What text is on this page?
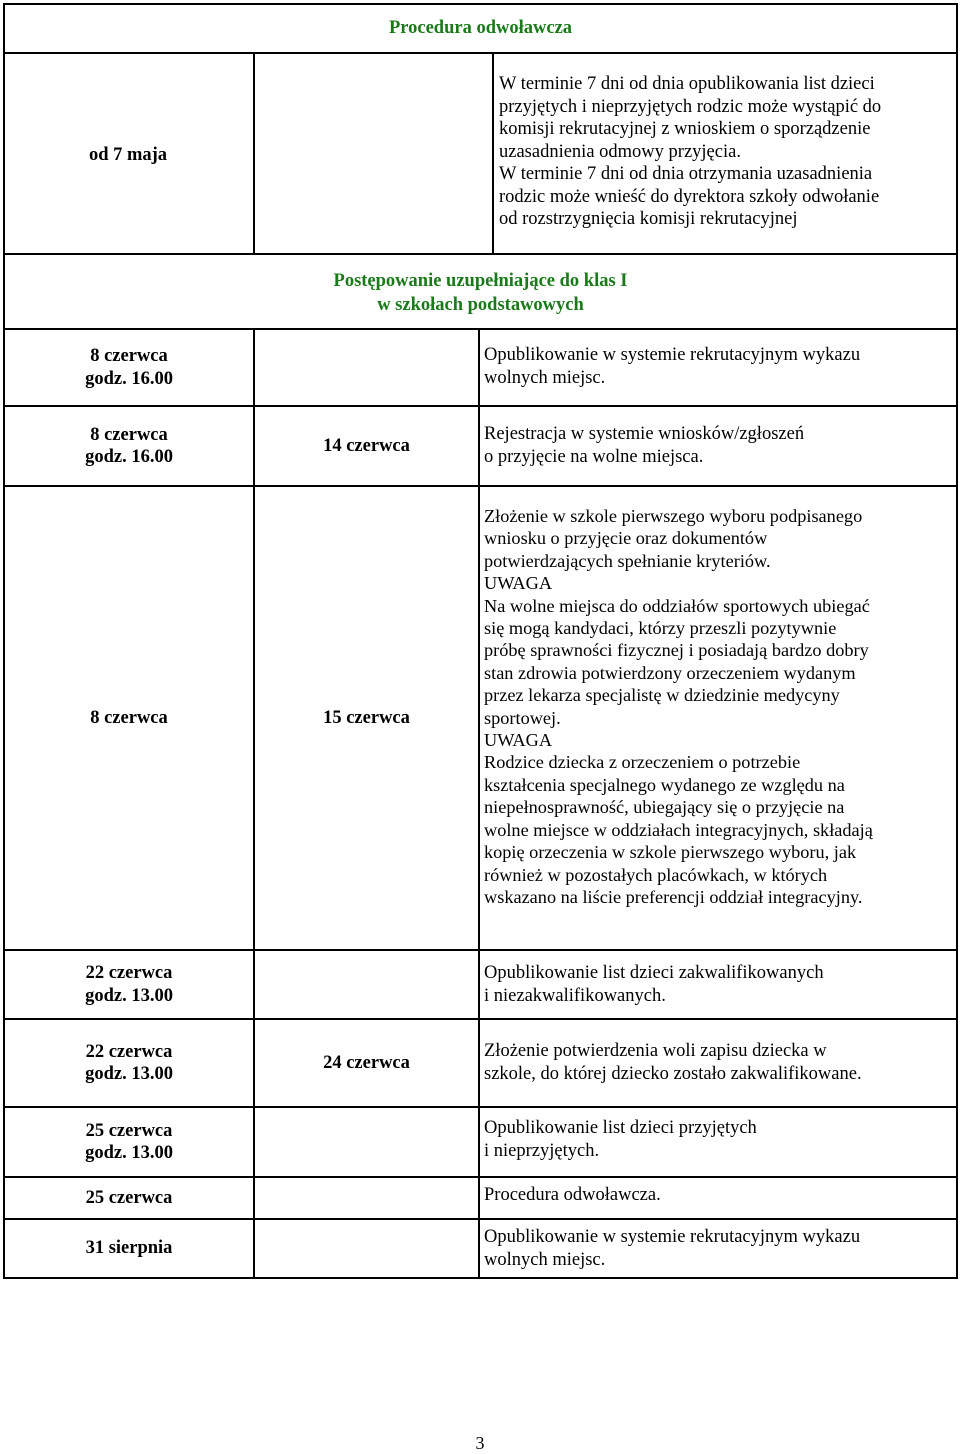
Procedura odwoławcza
od 7 maja
W terminie 7 dni od dnia opublikowania list dzieci
przyjętych i nieprzyjętych rodzic może wystąpić do
komisji rekrutacyjnej z wnioskiem o sporządzenie
uzasadnienia odmowy przyjęcia.
W terminie 7 dni od dnia otrzymania uzasadnienia
rodzic może wnieść do dyrektora szkoły odwołanie
od rozstrzygnięcia komisji rekrutacyjnej
Postępowanie uzupełniające do klas I
w szkołach podstawowych
8 czerwca
godz. 16.00
Opublikowanie w systemie rekrutacyjnym wykazu
wolnych miejsc.
8 czerwca
godz. 16.00
14 czerwca
Rejestracja w systemie wniosków/zgłoszeń
o przyjęcie na wolne miejsca.
8 czerwca	15 czerwca
Złożenie w szkole pierwszego wyboru podpisanego
wniosku o przyjęcie oraz dokumentów
potwierdzających spełnianie kryteriów.
UWAGA
Na wolne miejsca do oddziałów sportowych ubiegać
się mogą kandydaci, którzy przeszli pozytywnie
próbę sprawności fizycznej i posiadają bardzo dobry
stan zdrowia potwierdzony orzeczeniem wydanym
przez lekarza specjalistę w dziedzinie medycyny
sportowej.
UWAGA
Rodzice dziecka z orzeczeniem o potrzebie
kształcenia specjalnego wydanego ze względu na
niepełnosprawność, ubiegający się o przyjęcie na
wolne miejsce w oddziałach integracyjnych, składają
kopię orzeczenia w szkole pierwszego wyboru, jak
również w pozostałych placówkach, w których
wskazano na liście preferencji oddział integracyjny.
22 czerwca
godz. 13.00
Opublikowanie list dzieci zakwalifikowanych
i niezakwalifikowanych.
22 czerwca
godz. 13.00
24 czerwca
Złożenie potwierdzenia woli zapisu dziecka w
szkole, do której dziecko zostało zakwalifikowane.
25 czerwca
godz. 13.00
Opublikowanie list dzieci przyjętych
i nieprzyjętych.
25 czerwca	Procedura odwoławcza.
31 sierpnia
Opublikowanie w systemie rekrutacyjnym wykazu
wolnych miejsc.
3
